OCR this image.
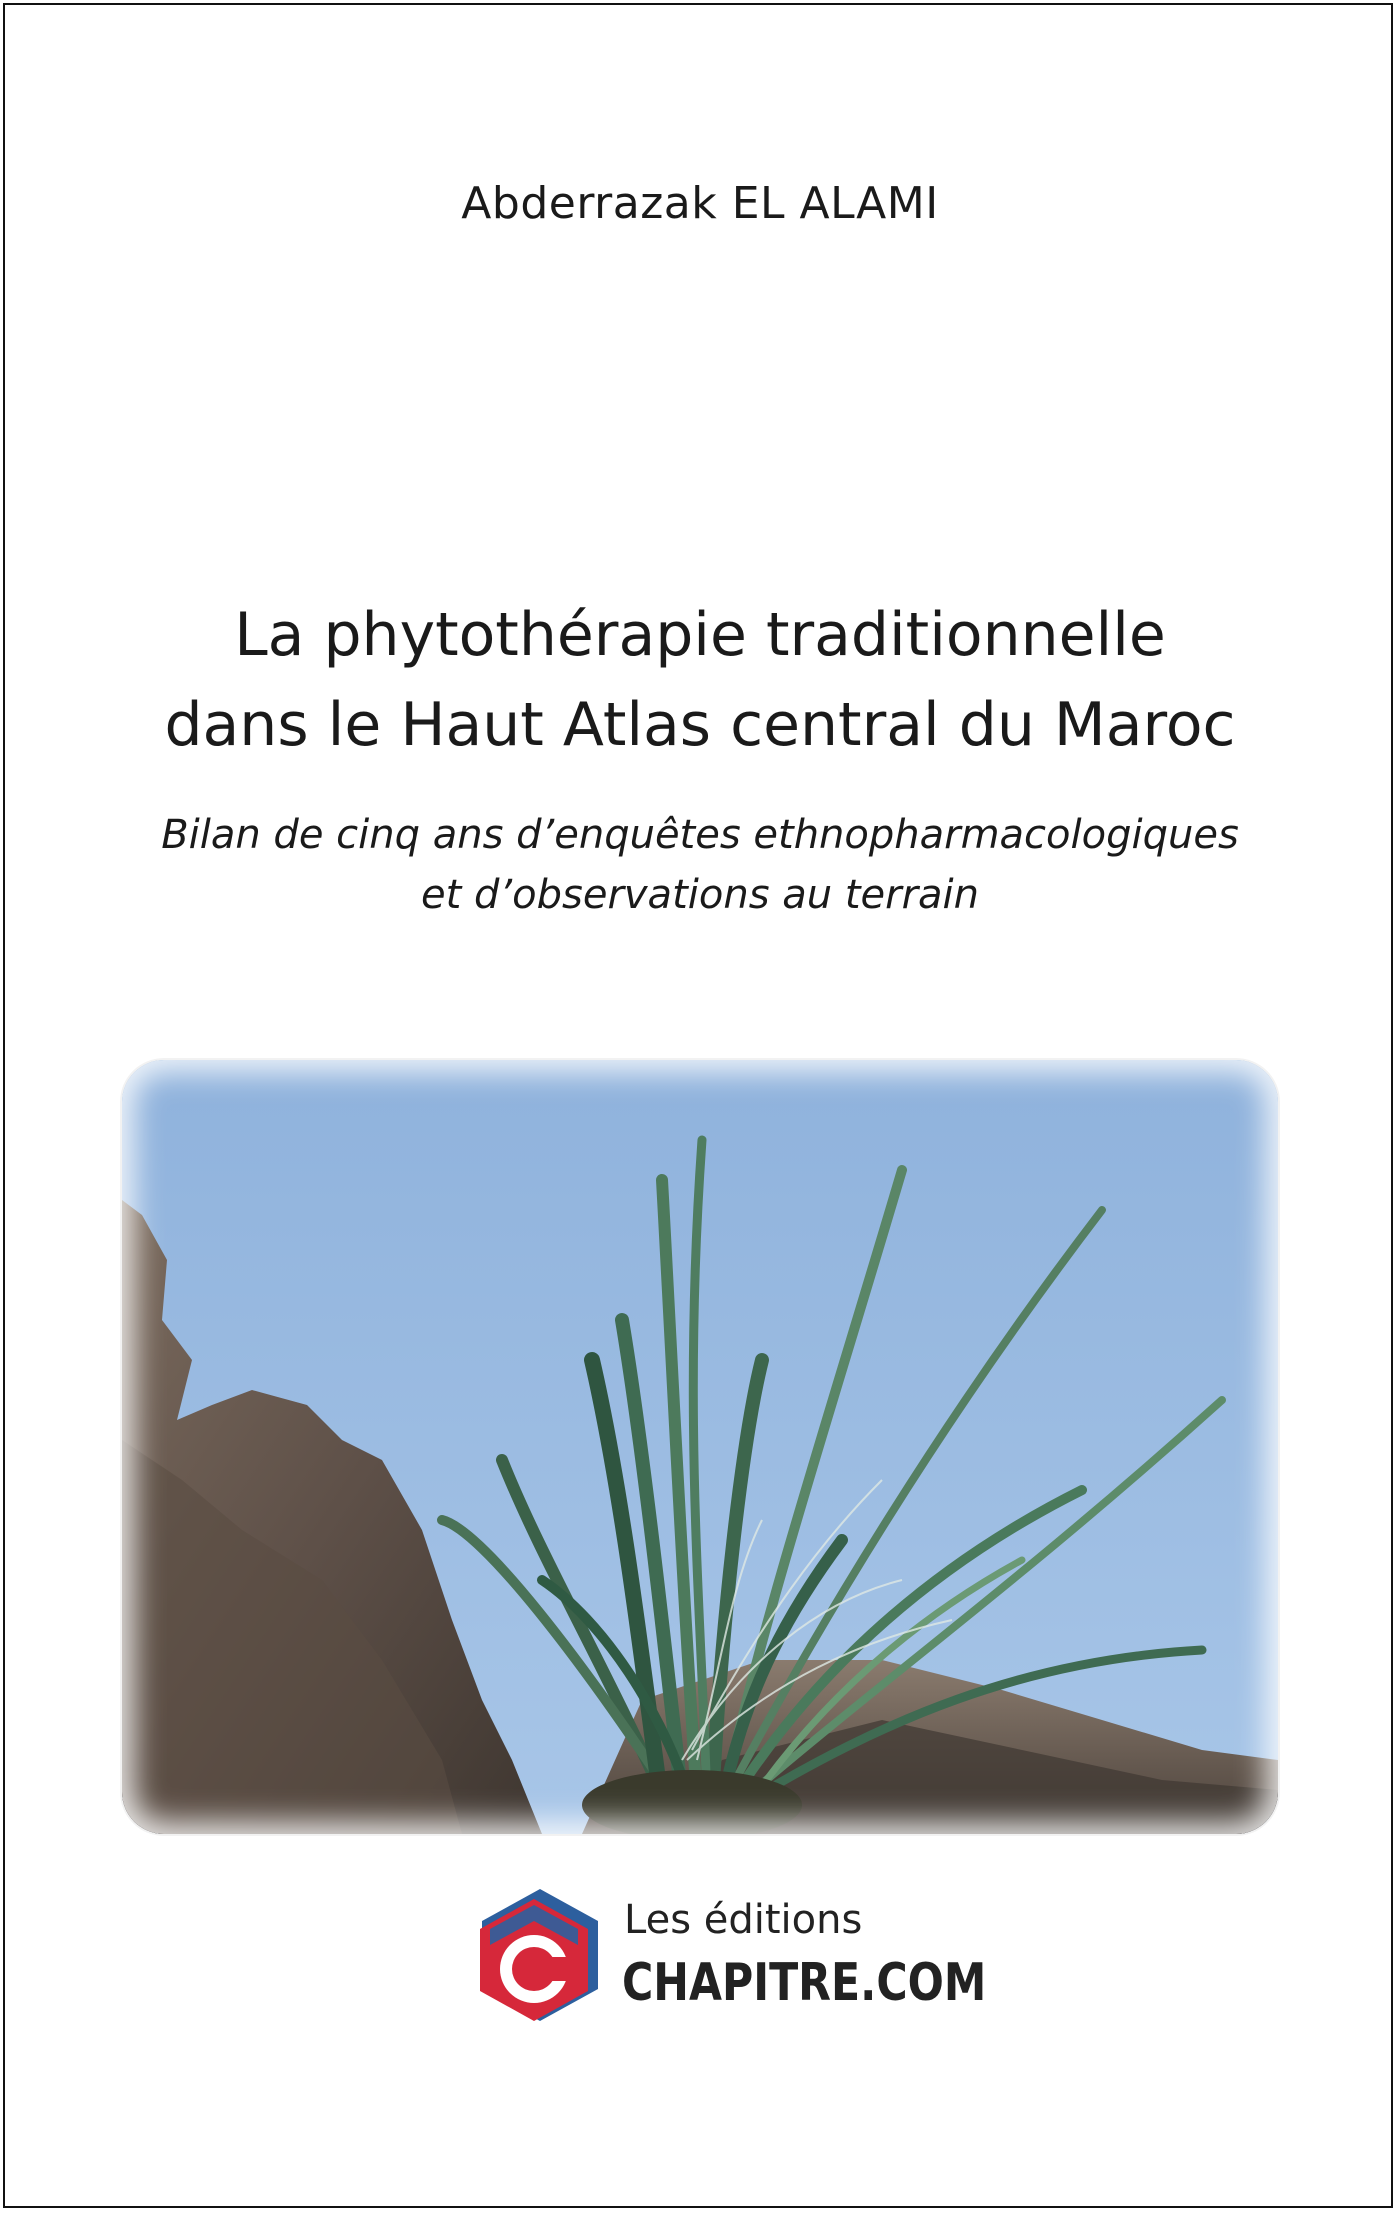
Abderrazak EL ALAMI
La phytothérapie traditionnelle
dans le Haut Atlas central du Maroc
Bilan de cinq ans d’enquêtes ethnopharmacologiques
et d’observations au terrain
Les éditions
CHAPITRE.COM
